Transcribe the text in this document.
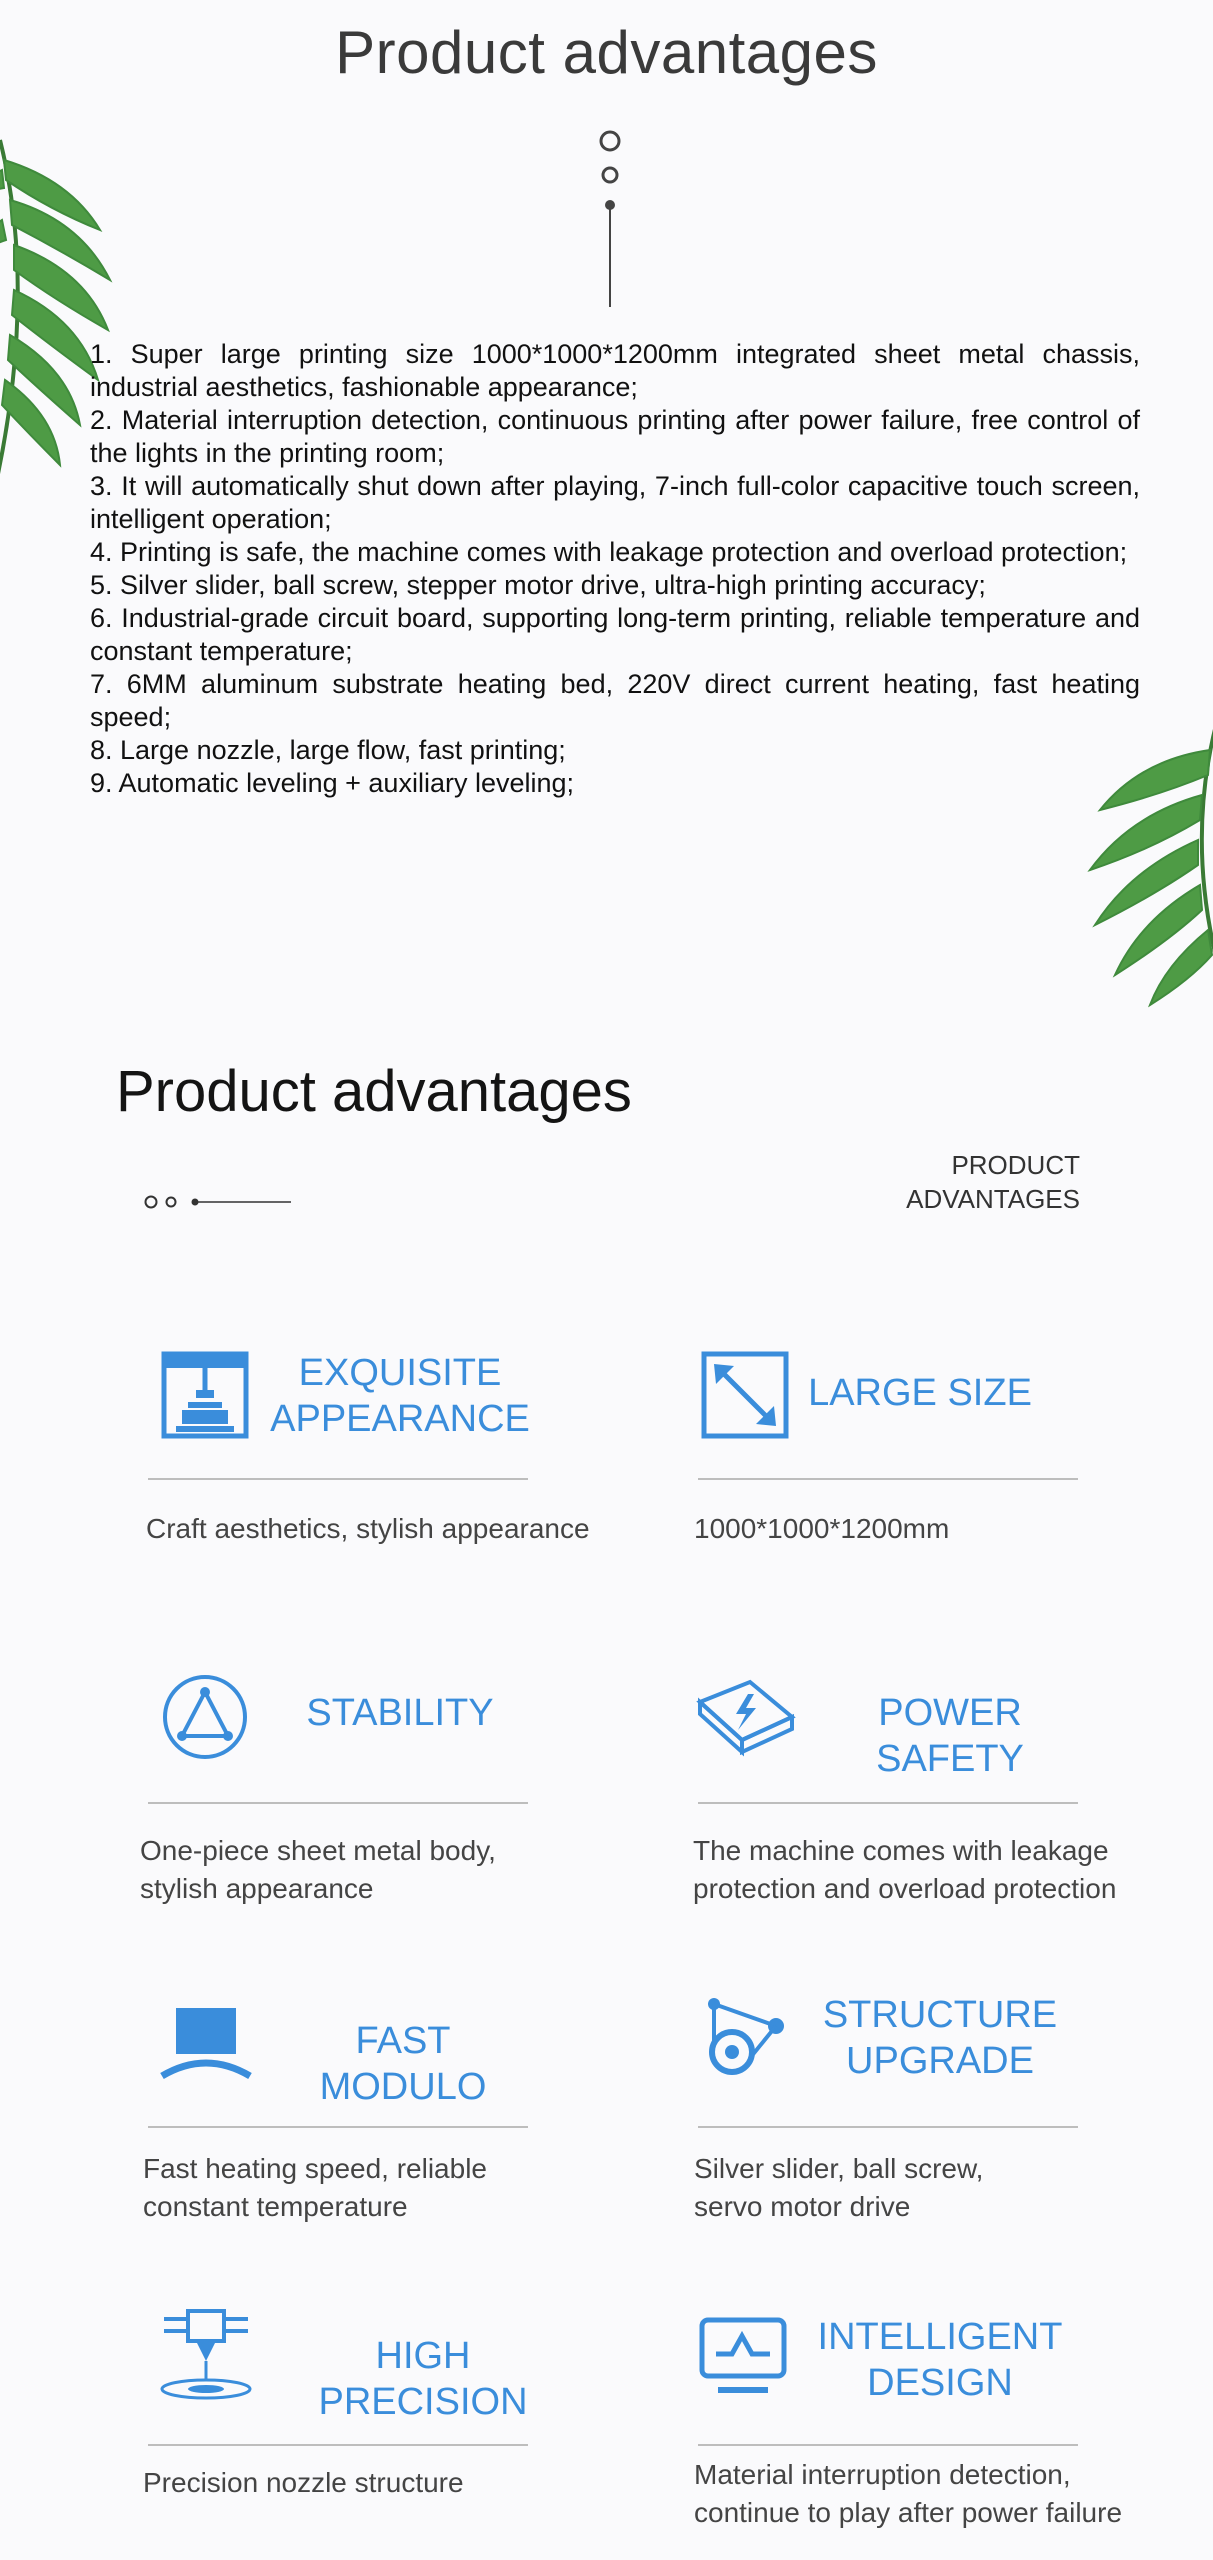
Product advantages
1. Super large printing size 1000*1000*1200mm integrated sheet metal chassis, industrial aesthetics, fashionable appearance;
2. Material interruption detection, continuous printing after power failure, free control of the lights in the printing room;
3. It will automatically shut down after playing, 7-inch full-color capacitive touch screen, intelligent operation;
4. Printing is safe, the machine comes with leakage protection and overload protection;
5. Silver slider, ball screw, stepper motor drive, ultra-high printing accuracy;
6. Industrial-grade circuit board, supporting long-term printing, reliable temperature and constant temperature;
7. 6MM aluminum substrate heating bed, 220V direct current heating, fast heating speed;
8. Large nozzle, large flow, fast printing;
9. Automatic leveling + auxiliary leveling;
Product advantages
PRODUCT
ADVANTAGES
EXQUISITE APPEARANCE
Craft aesthetics, stylish appearance
LARGE SIZE
1000*1000*1200mm
STABILITY
One-piece sheet metal body, stylish appearance
POWER SAFETY
The machine comes with leakage protection and overload protection
FAST MODULO
Fast heating speed, reliable constant temperature
STRUCTURE UPGRADE
Silver slider, ball screw, servo motor drive
HIGH PRECISION
Precision nozzle structure
INTELLIGENT DESIGN
Material interruption detection, continue to play after power failure
